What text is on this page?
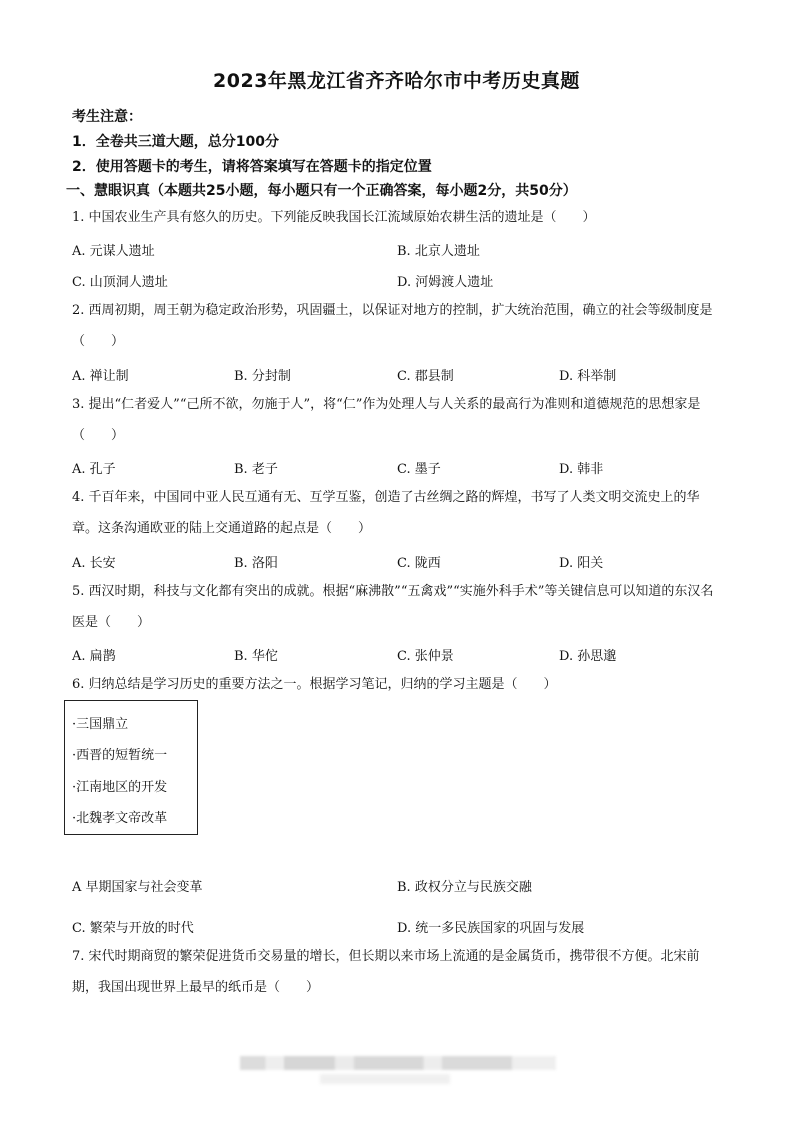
2023年黑龙江省齐齐哈尔市中考历史真题
考生注意：
1．全卷共三道大题，总分100分
2．使用答题卡的考生，请将答案填写在答题卡的指定位置
一、慧眼识真（本题共25小题，每小题只有一个正确答案，每小题2分，共50分）
1. 中国农业生产具有悠久的历史。下列能反映我国长江流域原始农耕生活的遗址是（　　）
A. 元谋人遗址	B. 北京人遗址
C. 山顶洞人遗址	D. 河姆渡人遗址
2. 西周初期，周王朝为稳定政治形势，巩固疆土，以保证对地方的控制，扩大统治范围，确立的社会等级制度是（　　）
A. 禅让制	B. 分封制	C. 郡县制	D. 科举制
3. 提出“仁者爱人”“己所不欲，勿施于人”，将“仁”作为处理人与人关系的最高行为准则和道德规范的思想家是（　　）
A. 孔子	B. 老子	C. 墨子	D. 韩非
4. 千百年来，中国同中亚人民互通有无、互学互鉴，创造了古丝绸之路的辉煌，书写了人类文明交流史上的华章。这条沟通欧亚的陆上交通道路的起点是（　　）
A. 长安	B. 洛阳	C. 陇西	D. 阳关
5. 西汉时期，科技与文化都有突出的成就。根据“麻沸散”“五禽戏”“实施外科手术”等关键信息可以知道的东汉名医是（　　）
A. 扁鹊	B. 华佗	C. 张仲景	D. 孙思邈
6. 归纳总结是学习历史的重要方法之一。根据学习笔记，归纳的学习主题是（　　）
·三国鼎立
·西晋的短暂统一
·江南地区的开发
·北魏孝文帝改革
A 早期国家与社会变革	B. 政权分立与民族交融
C. 繁荣与开放的时代	D. 统一多民族国家的巩固与发展
7. 宋代时期商贸的繁荣促进货币交易量的增长，但长期以来市场上流通的是金属货币，携带很不方便。北宋前期，我国出现世界上最早的纸币是（　　）
